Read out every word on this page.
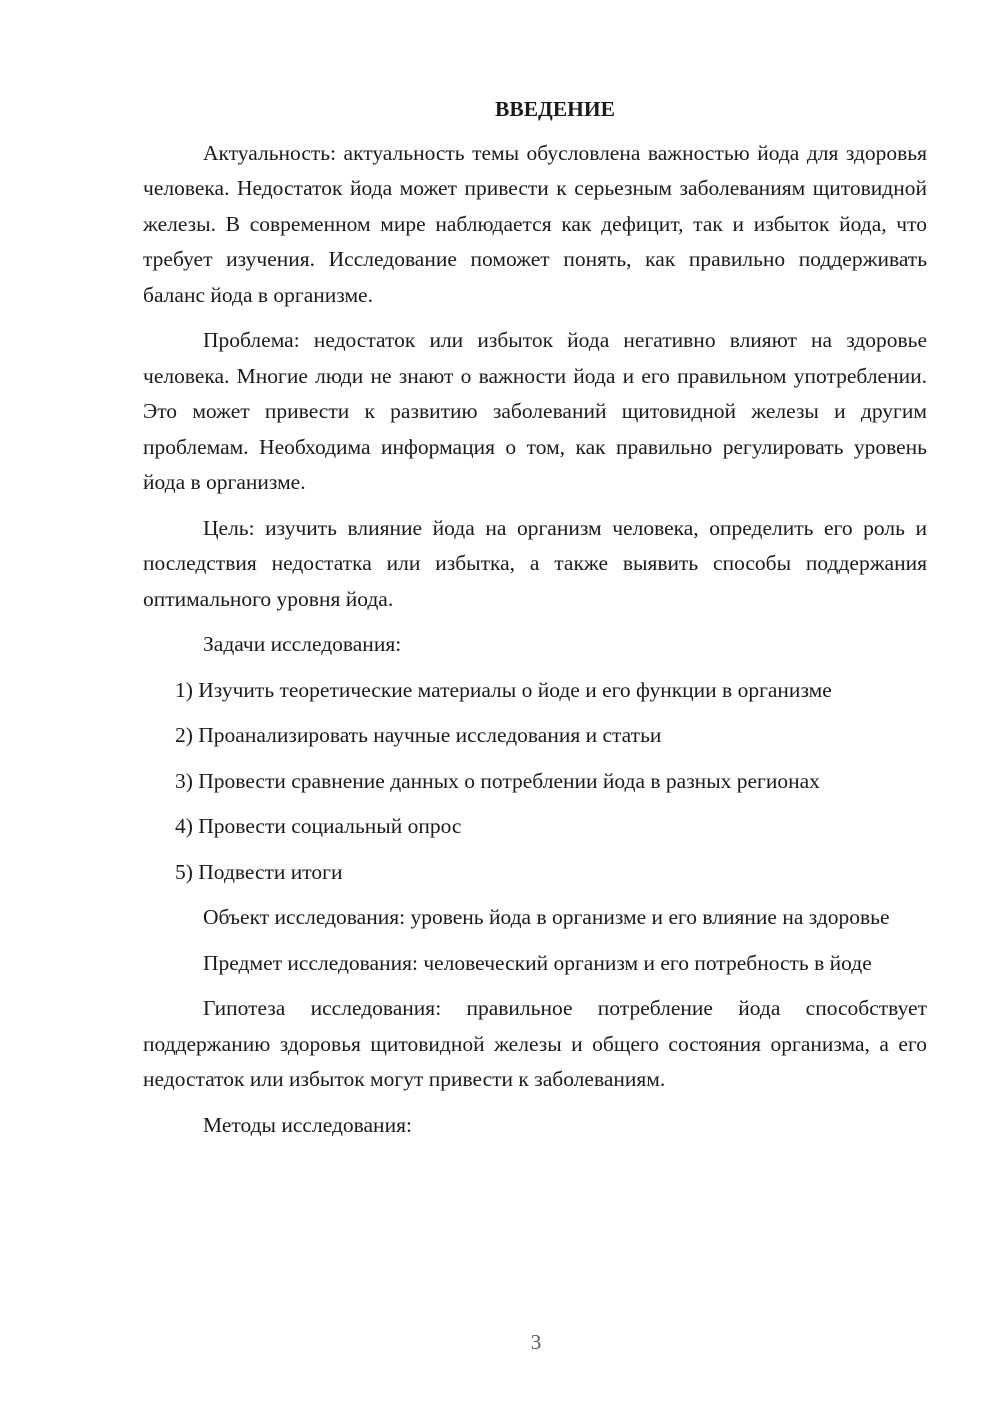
ВВЕДЕНИЕ

Актуальность: актуальность темы обусловлена важностью йода для здоровья человека. Недостаток йода может привести к серьезным заболеваниям щитовидной железы. В современном мире наблюдается как дефицит, так и избыток йода, что требует изучения. Исследование поможет понять, как правильно поддерживать баланс йода в организме.

Проблема: недостаток или избыток йода негативно влияют на здоровье человека. Многие люди не знают о важности йода и его правильном употреблении. Это может привести к развитию заболеваний щитовидной железы и другим проблемам. Необходима информация о том, как правильно регулировать уровень йода в организме.

Цель: изучить влияние йода на организм человека, определить его роль и последствия недостатка или избытка, а также выявить способы поддержания оптимального уровня йода.

Задачи исследования:

1) Изучить теоретические материалы о йоде и его функции в организме

2) Проанализировать научные исследования и статьи

3) Провести сравнение данных о потреблении йода в разных регионах

4) Провести социальный опрос

5) Подвести итоги

Объект исследования: уровень йода в организме и его влияние на здоровье

Предмет исследования: человеческий организм и его потребность в йоде

Гипотеза исследования: правильное потребление йода способствует поддержанию здоровья щитовидной железы и общего состояния организма, а его недостаток или избыток могут привести к заболеваниям.

Методы исследования:

3
